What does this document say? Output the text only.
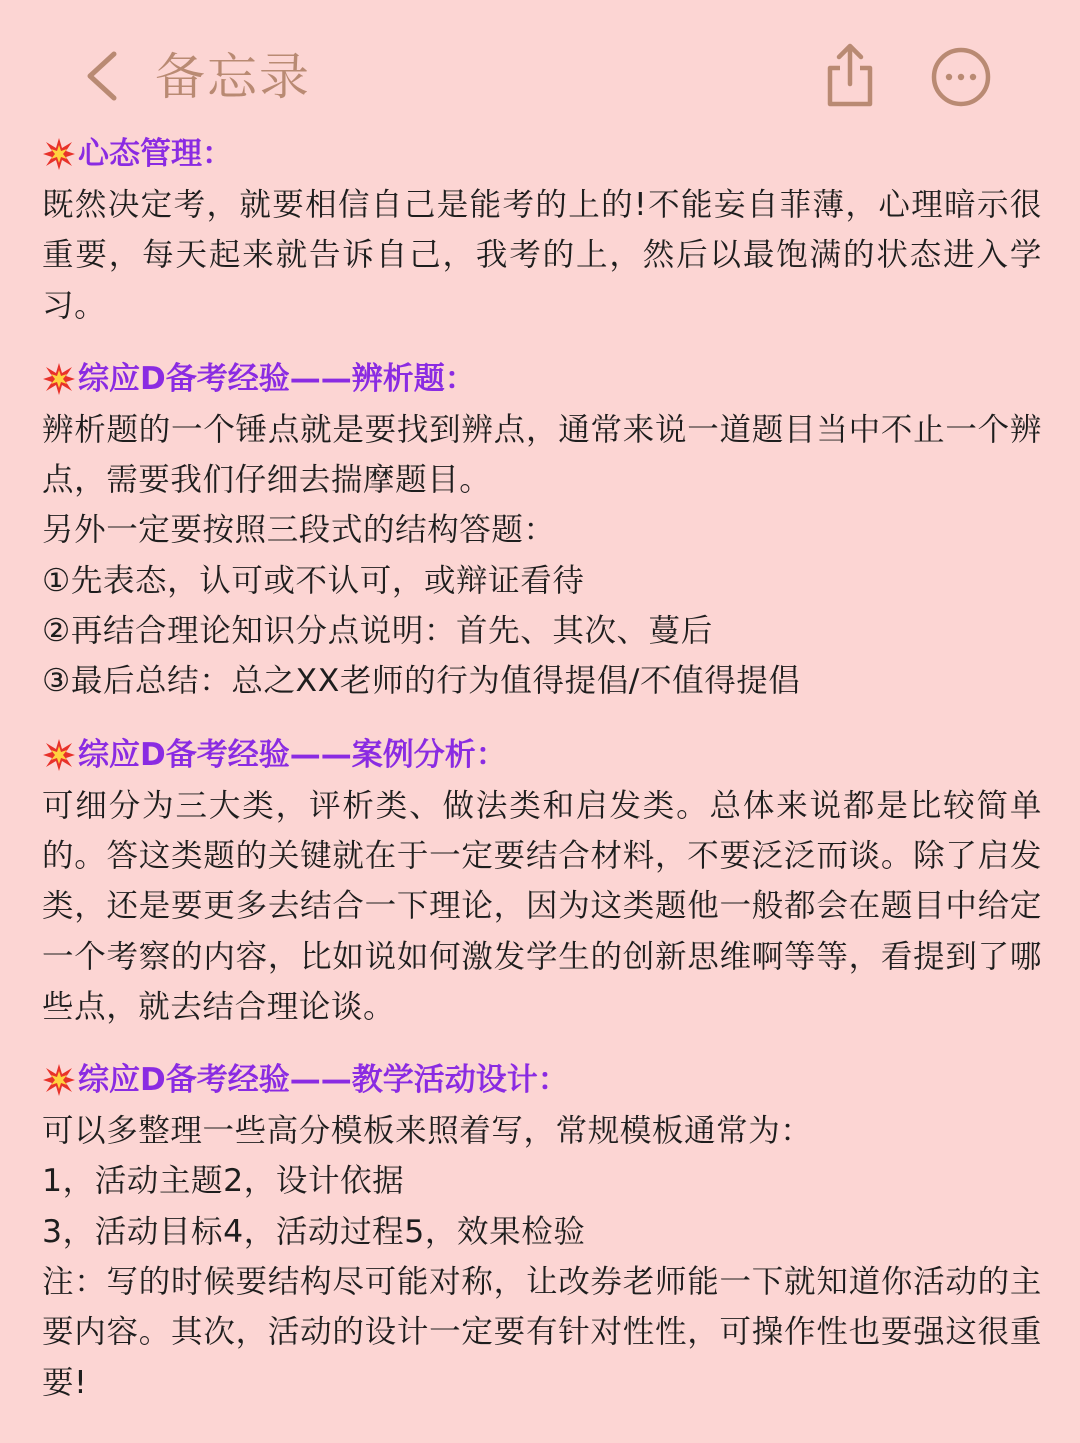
备忘录
心态管理：
既然决定考，就要相信自己是能考的上的!不能妄自菲薄，心理暗示很重要，每天起来就告诉自己，我考的上，然后以最饱满的状态进入学习。
综应D备考经验——辨析题：
辨析题的一个锤点就是要找到辨点，通常来说一道题目当中不止一个辨点，需要我们仔细去揣摩题目。
另外一定要按照三段式的结构答题：
①先表态，认可或不认可，或辩证看待
②再结合理论知识分点说明：首先、其次、蔓后
③最后总结：总之XX老师的行为值得提倡/不值得提倡
综应D备考经验——案例分析：
可细分为三大类，评析类、做法类和启发类。总体来说都是比较简单的。答这类题的关键就在于一定要结合材料，不要泛泛而谈。除了启发类，还是要更多去结合一下理论，因为这类题他一般都会在题目中给定一个考察的内容，比如说如何激发学生的创新思维啊等等，看提到了哪些点，就去结合理论谈。
综应D备考经验——教学活动设计：
可以多整理一些高分模板来照着写，常规模板通常为：
1，活动主题2，设计依据
3，活动目标4，活动过程5，效果检验
注：写的时候要结构尽可能对称，让改券老师能一下就知道你活动的主要内容。其次，活动的设计一定要有针对性性，可操作性也要强这很重要!
